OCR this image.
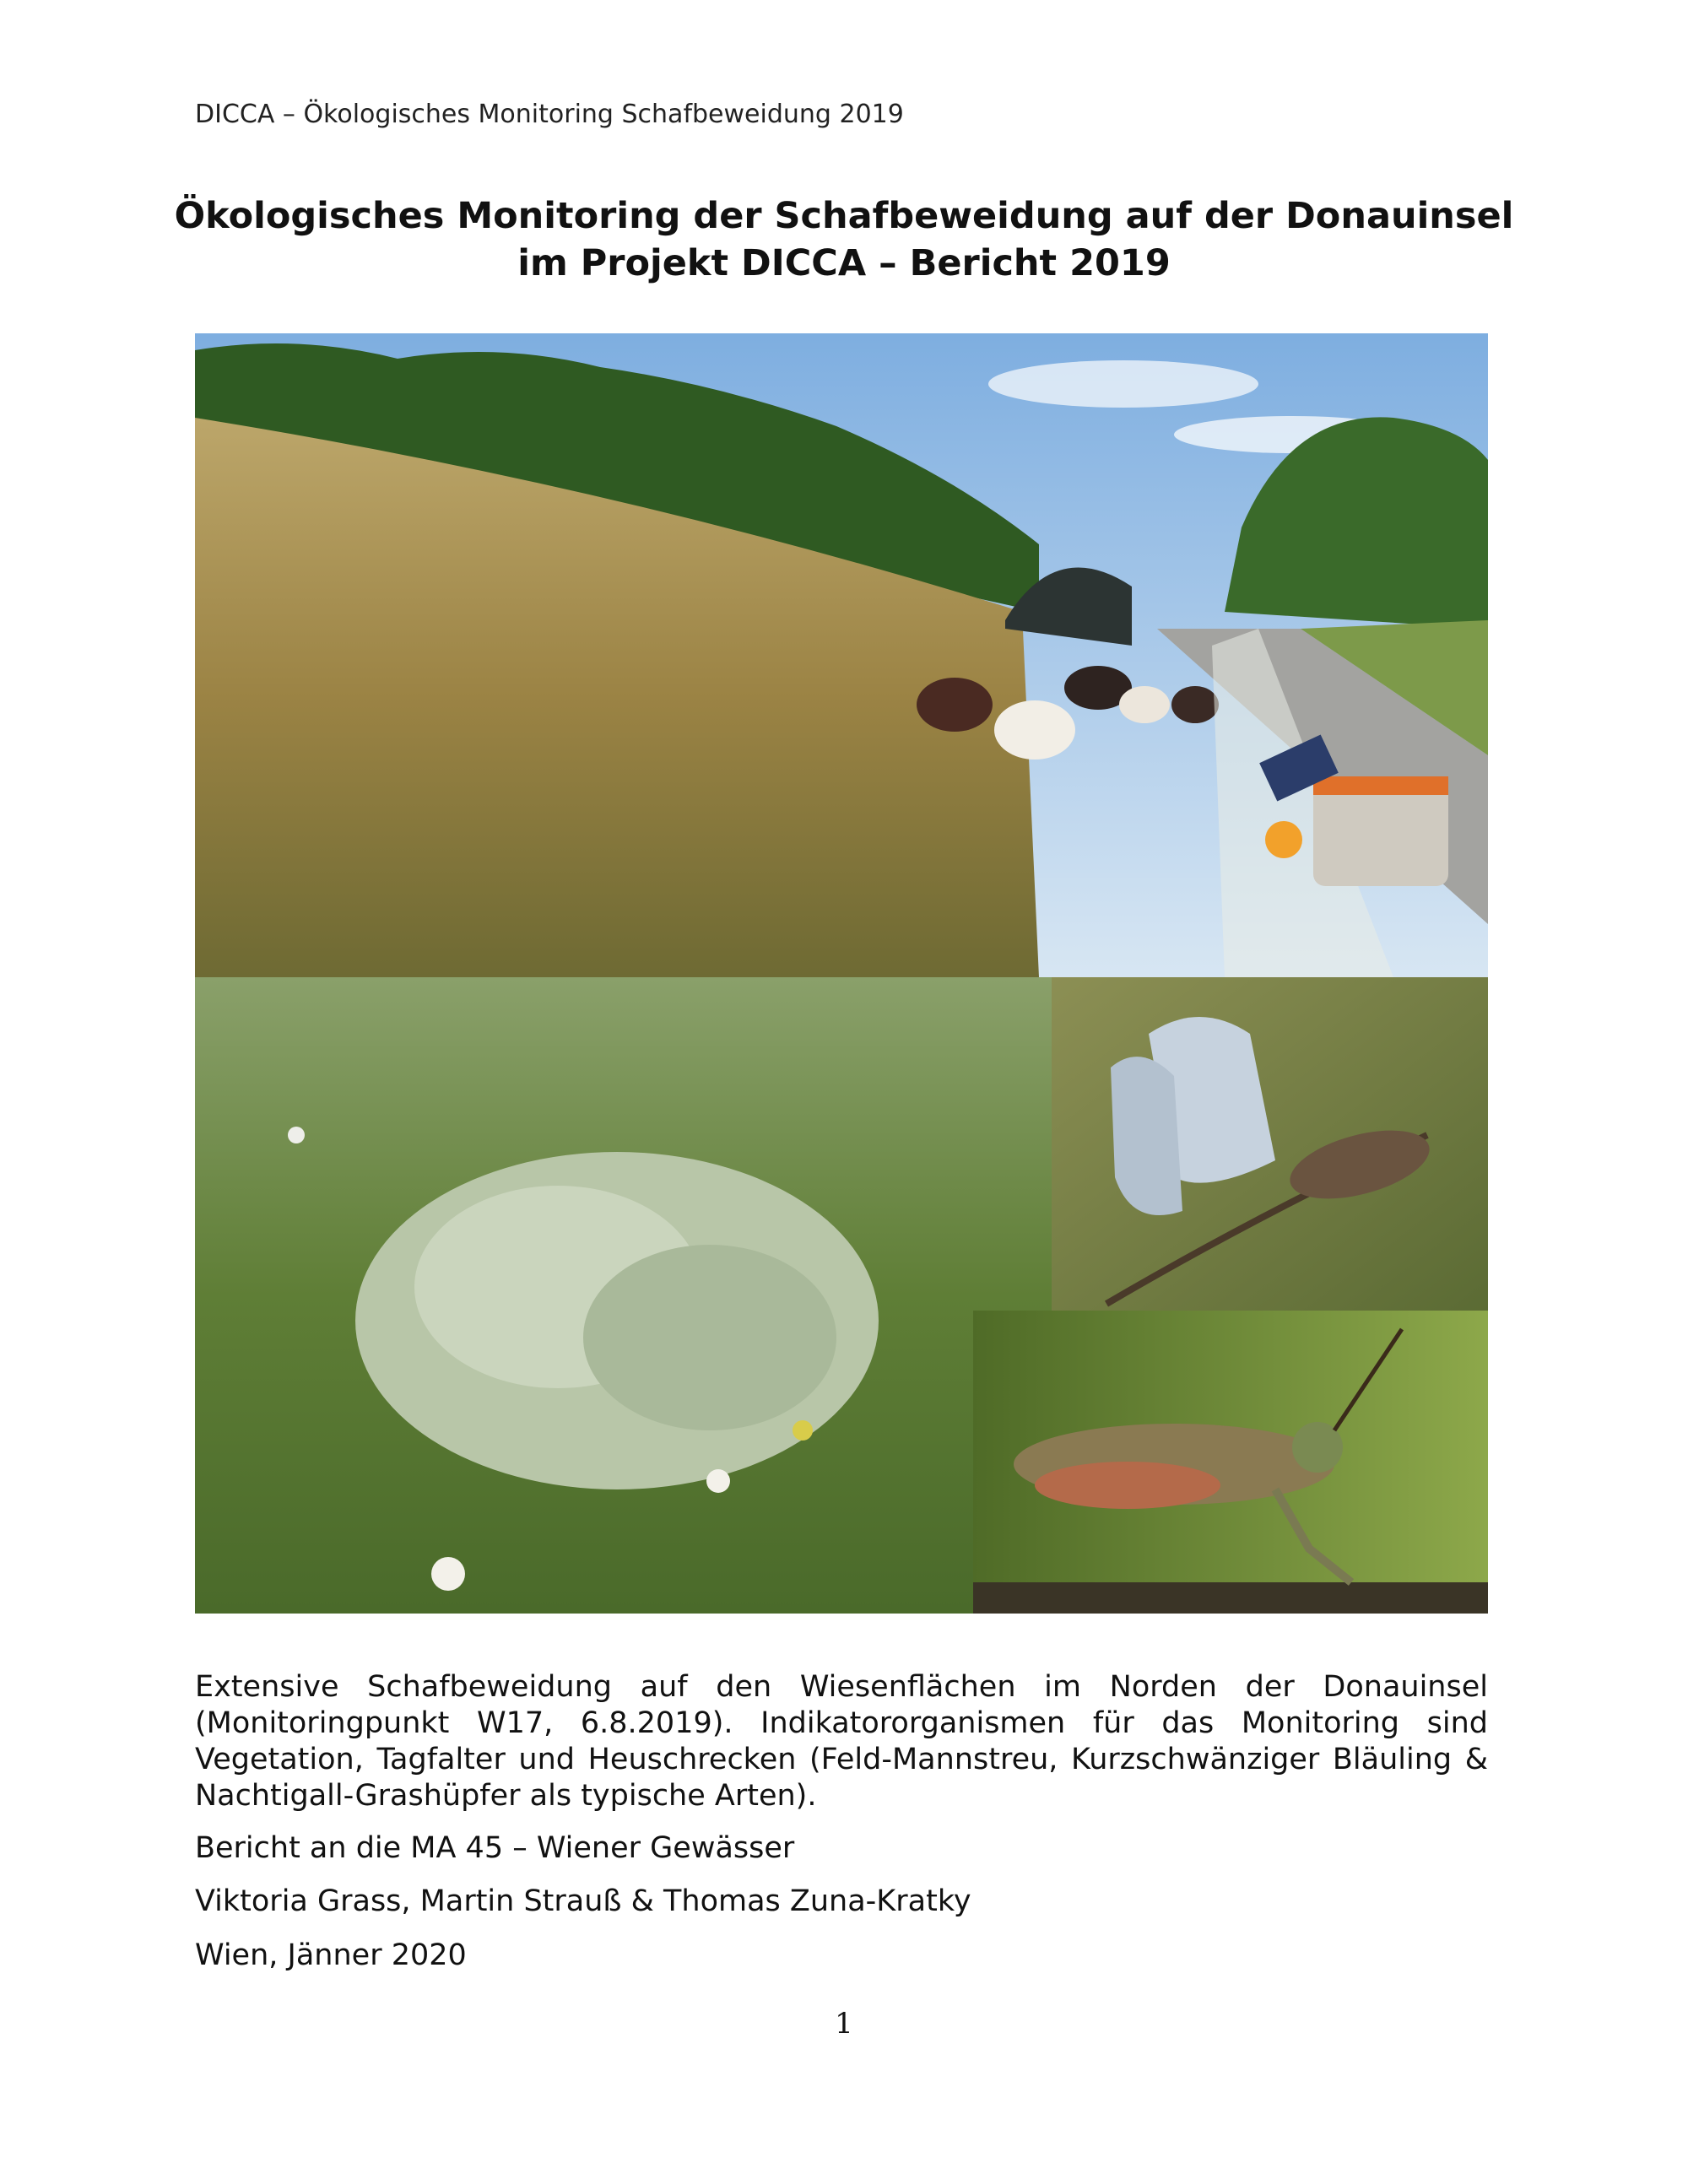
DICCA – Ökologisches Monitoring Schafbeweidung 2019
Ökologisches Monitoring der Schafbeweidung auf der Donauinsel
im Projekt DICCA – Bericht 2019
Extensive Schafbeweidung auf den Wiesenflächen im Norden der Donauinsel (Monitoringpunkt W17, 6.8.2019). Indikatororganismen für das Monitoring sind Vegetation, Tagfalter und Heuschrecken (Feld-Mannstreu, Kurzschwänziger Bläuling & Nachtigall-Grashüpfer als typische Arten).
Bericht an die MA 45 – Wiener Gewässer
Viktoria Grass, Martin Strauß & Thomas Zuna-Kratky
Wien, Jänner 2020
1
